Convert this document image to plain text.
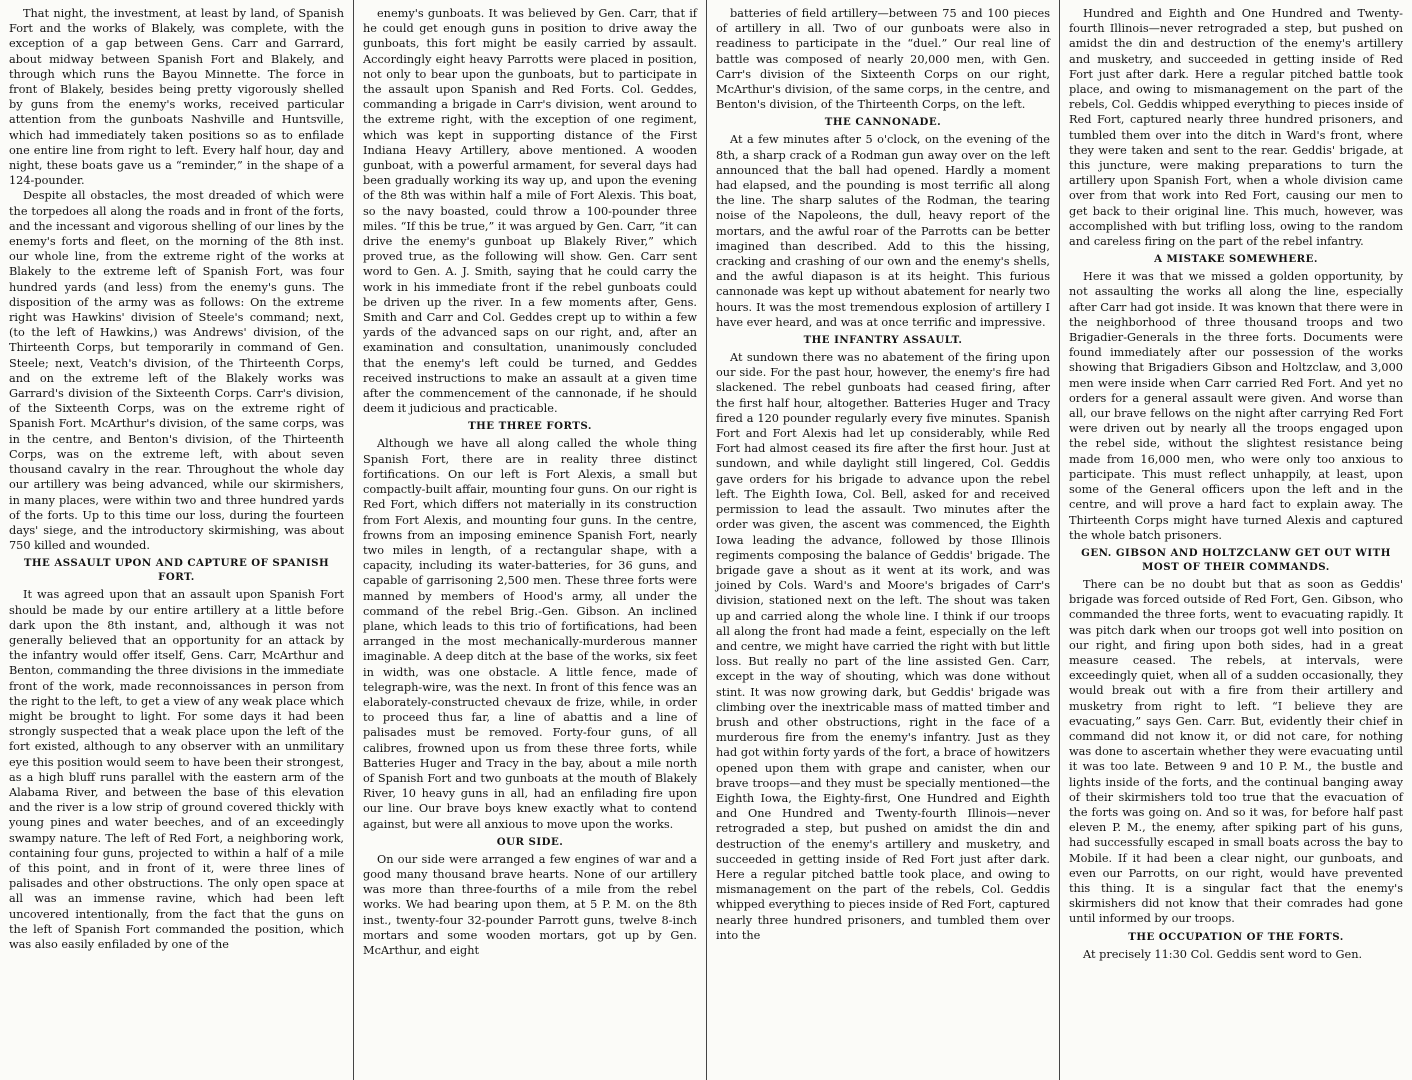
That night, the investment, at least by land, of Spanish Fort and the works of Blakely, was complete, with the exception of a gap between Gens. Carr and Garrard, about midway between Spanish Fort and Blakely, and through which runs the Bayou Minnette. The force in front of Blakely, besides being pretty vigorously shelled by guns from the enemy's works, received particular attention from the gunboats Nashville and Huntsville, which had immediately taken positions so as to enfilade one entire line from right to left. Every half hour, day and night, these boats gave us a “reminder,” in the shape of a 124-pounder.
Despite all obstacles, the most dreaded of which were the torpedoes all along the roads and in front of the forts, and the incessant and vigorous shelling of our lines by the enemy's forts and fleet, on the morning of the 8th inst. our whole line, from the extreme right of the works at Blakely to the extreme left of Spanish Fort, was four hundred yards (and less) from the enemy's guns. The disposition of the army was as follows: On the extreme right was Hawkins' division of Steele's command; next, (to the left of Hawkins,) was Andrews' division, of the Thirteenth Corps, but temporarily in command of Gen. Steele; next, Veatch's division, of the Thirteenth Corps, and on the extreme left of the Blakely works was Garrard's division of the Sixteenth Corps. Carr's division, of the Sixteenth Corps, was on the extreme right of Spanish Fort. McArthur's division, of the same corps, was in the centre, and Benton's division, of the Thirteenth Corps, was on the extreme left, with about seven thousand cavalry in the rear. Throughout the whole day our artillery was being advanced, while our skirmishers, in many places, were within two and three hundred yards of the forts. Up to this time our loss, during the fourteen days' siege, and the introductory skirmishing, was about 750 killed and wounded.
THE ASSAULT UPON AND CAPTURE OF SPANISH FORT.
It was agreed upon that an assault upon Spanish Fort should be made by our entire artillery at a little before dark upon the 8th instant, and, although it was not generally believed that an opportunity for an attack by the infantry would offer itself, Gens. Carr, McArthur and Benton, commanding the three divisions in the immediate front of the work, made reconnoissances in person from the right to the left, to get a view of any weak place which might be brought to light. For some days it had been strongly suspected that a weak place upon the left of the fort existed, although to any observer with an unmilitary eye this position would seem to have been their strongest, as a high bluff runs parallel with the eastern arm of the Alabama River, and between the base of this elevation and the river is a low strip of ground covered thickly with young pines and water beeches, and of an exceedingly swampy nature. The left of Red Fort, a neighboring work, containing four guns, projected to within a half of a mile of this point, and in front of it, were three lines of palisades and other obstructions. The only open space at all was an immense ravine, which had been left uncovered intentionally, from the fact that the guns on the left of Spanish Fort commanded the position, which was also easily enfiladed by one of the
enemy's gunboats. It was believed by Gen. Carr, that if he could get enough guns in position to drive away the gunboats, this fort might be easily carried by assault. Accordingly eight heavy Parrotts were placed in position, not only to bear upon the gunboats, but to participate in the assault upon Spanish and Red Forts. Col. Geddes, commanding a brigade in Carr's division, went around to the extreme right, with the exception of one regiment, which was kept in supporting distance of the First Indiana Heavy Artillery, above mentioned. A wooden gunboat, with a powerful armament, for several days had been gradually working its way up, and upon the evening of the 8th was within half a mile of Fort Alexis. This boat, so the navy boasted, could throw a 100-pounder three miles. “If this be true,” it was argued by Gen. Carr, “it can drive the enemy's gunboat up Blakely River,” which proved true, as the following will show. Gen. Carr sent word to Gen. A. J. Smith, saying that he could carry the work in his immediate front if the rebel gunboats could be driven up the river. In a few moments after, Gens. Smith and Carr and Col. Geddes crept up to within a few yards of the advanced saps on our right, and, after an examination and consultation, unanimously concluded that the enemy's left could be turned, and Geddes received instructions to make an assault at a given time after the commencement of the cannonade, if he should deem it judicious and practicable.
THE THREE FORTS.
Although we have all along called the whole thing Spanish Fort, there are in reality three distinct fortifications. On our left is Fort Alexis, a small but compactly-built affair, mounting four guns. On our right is Red Fort, which differs not materially in its construction from Fort Alexis, and mounting four guns. In the centre, frowns from an imposing eminence Spanish Fort, nearly two miles in length, of a rectangular shape, with a capacity, including its water-batteries, for 36 guns, and capable of garrisoning 2,500 men. These three forts were manned by members of Hood's army, all under the command of the rebel Brig.-Gen. Gibson. An inclined plane, which leads to this trio of fortifications, had been arranged in the most mechanically-murderous manner imaginable. A deep ditch at the base of the works, six feet in width, was one obstacle. A little fence, made of telegraph-wire, was the next. In front of this fence was an elaborately-constructed chevaux de frize, while, in order to proceed thus far, a line of abattis and a line of palisades must be removed. Forty-four guns, of all calibres, frowned upon us from these three forts, while Batteries Huger and Tracy in the bay, about a mile north of Spanish Fort and two gunboats at the mouth of Blakely River, 10 heavy guns in all, had an enfilading fire upon our line. Our brave boys knew exactly what to contend against, but were all anxious to move upon the works.
OUR SIDE.
On our side were arranged a few engines of war and a good many thousand brave hearts. None of our artillery was more than three-fourths of a mile from the rebel works. We had bearing upon them, at 5 P. M. on the 8th inst., twenty-four 32-pounder Parrott guns, twelve 8-inch mortars and some wooden mortars, got up by Gen. McArthur, and eight
batteries of field artillery—between 75 and 100 pieces of artillery in all. Two of our gunboats were also in readiness to participate in the “duel.” Our real line of battle was composed of nearly 20,000 men, with Gen. Carr's division of the Sixteenth Corps on our right, McArthur's division, of the same corps, in the centre, and Benton's division, of the Thirteenth Corps, on the left.
THE CANNONADE.
At a few minutes after 5 o'clock, on the evening of the 8th, a sharp crack of a Rodman gun away over on the left announced that the ball had opened. Hardly a moment had elapsed, and the pounding is most terrific all along the line. The sharp salutes of the Rodman, the tearing noise of the Napoleons, the dull, heavy report of the mortars, and the awful roar of the Parrotts can be better imagined than described. Add to this the hissing, cracking and crashing of our own and the enemy's shells, and the awful diapason is at its height. This furious cannonade was kept up without abatement for nearly two hours. It was the most tremendous explosion of artillery I have ever heard, and was at once terrific and impressive.
THE INFANTRY ASSAULT.
At sundown there was no abatement of the firing upon our side. For the past hour, however, the enemy's fire had slackened. The rebel gunboats had ceased firing, after the first half hour, altogether. Batteries Huger and Tracy fired a 120 pounder regularly every five minutes. Spanish Fort and Fort Alexis had let up considerably, while Red Fort had almost ceased its fire after the first hour. Just at sundown, and while daylight still lingered, Col. Geddis gave orders for his brigade to advance upon the rebel left. The Eighth Iowa, Col. Bell, asked for and received permission to lead the assault. Two minutes after the order was given, the ascent was commenced, the Eighth Iowa leading the advance, followed by those Illinois regiments composing the balance of Geddis' brigade. The brigade gave a shout as it went at its work, and was joined by Cols. Ward's and Moore's brigades of Carr's division, stationed next on the left. The shout was taken up and carried along the whole line. I think if our troops all along the front had made a feint, especially on the left and centre, we might have carried the right with but little loss. But really no part of the line assisted Gen. Carr, except in the way of shouting, which was done without stint. It was now growing dark, but Geddis' brigade was climbing over the inextricable mass of matted timber and brush and other obstructions, right in the face of a murderous fire from the enemy's infantry. Just as they had got within forty yards of the fort, a brace of howitzers opened upon them with grape and canister, when our brave troops—and they must be specially mentioned—the Eighth Iowa, the Eighty-first, One Hundred and Eighth and One Hundred and Twenty-fourth Illinois—never retrograded a step, but pushed on amidst the din and destruction of the enemy's artillery and musketry, and succeeded in getting inside of Red Fort just after dark. Here a regular pitched battle took place, and owing to mismanagement on the part of the rebels, Col. Geddis whipped everything to pieces inside of Red Fort, captured nearly three hundred prisoners, and tumbled them over into the
Hundred and Eighth and One Hundred and Twenty-fourth Illinois—never retrograded a step, but pushed on amidst the din and destruction of the enemy's artillery and musketry, and succeeded in getting inside of Red Fort just after dark. Here a regular pitched battle took place, and owing to mismanagement on the part of the rebels, Col. Geddis whipped everything to pieces inside of Red Fort, captured nearly three hundred prisoners, and tumbled them over into the ditch in Ward's front, where they were taken and sent to the rear. Geddis' brigade, at this juncture, were making preparations to turn the artillery upon Spanish Fort, when a whole division came over from that work into Red Fort, causing our men to get back to their original line. This much, however, was accomplished with but trifling loss, owing to the random and careless firing on the part of the rebel infantry.
A MISTAKE SOMEWHERE.
Here it was that we missed a golden opportunity, by not assaulting the works all along the line, especially after Carr had got inside. It was known that there were in the neighborhood of three thousand troops and two Brigadier-Generals in the three forts. Documents were found immediately after our possession of the works showing that Brigadiers Gibson and Holtzclaw, and 3,000 men were inside when Carr carried Red Fort. And yet no orders for a general assault were given. And worse than all, our brave fellows on the night after carrying Red Fort were driven out by nearly all the troops engaged upon the rebel side, without the slightest resistance being made from 16,000 men, who were only too anxious to participate. This must reflect unhappily, at least, upon some of the General officers upon the left and in the centre, and will prove a hard fact to explain away. The Thirteenth Corps might have turned Alexis and captured the whole batch prisoners.
GEN. GIBSON AND HOLTZCLANW GET OUT WITH MOST OF THEIR COMMANDS.
There can be no doubt but that as soon as Geddis' brigade was forced outside of Red Fort, Gen. Gibson, who commanded the three forts, went to evacuating rapidly. It was pitch dark when our troops got well into position on our right, and firing upon both sides, had in a great measure ceased. The rebels, at intervals, were exceedingly quiet, when all of a sudden occasionally, they would break out with a fire from their artillery and musketry from right to left. “I believe they are evacuating,” says Gen. Carr. But, evidently their chief in command did not know it, or did not care, for nothing was done to ascertain whether they were evacuating until it was too late. Between 9 and 10 P. M., the bustle and lights inside of the forts, and the continual banging away of their skirmishers told too true that the evacuation of the forts was going on. And so it was, for before half past eleven P. M., the enemy, after spiking part of his guns, had successfully escaped in small boats across the bay to Mobile. If it had been a clear night, our gunboats, and even our Parrotts, on our right, would have prevented this thing. It is a singular fact that the enemy's skirmishers did not know that their comrades had gone until informed by our troops.
THE OCCUPATION OF THE FORTS.
At precisely 11:30 Col. Geddis sent word to Gen.
